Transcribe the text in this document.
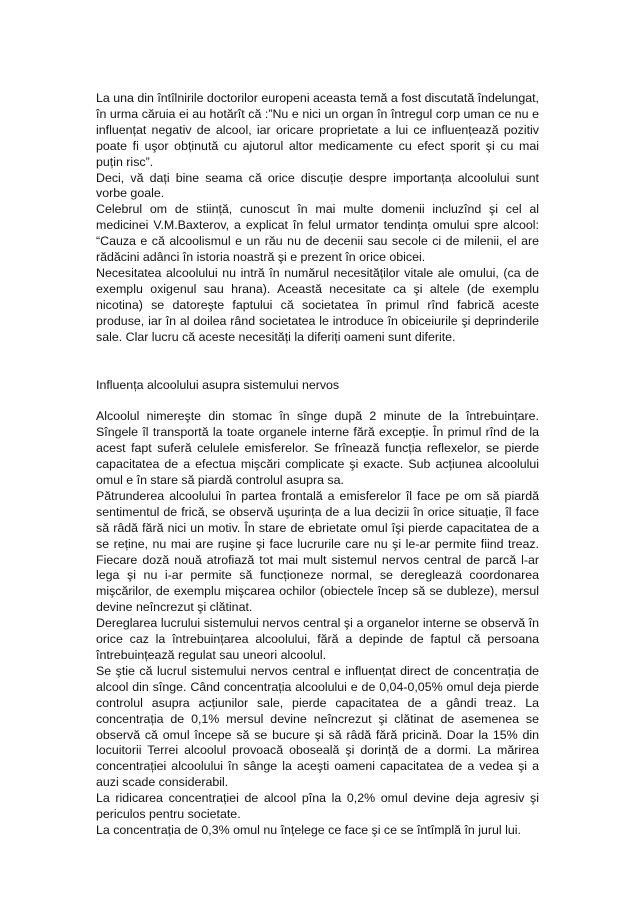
La una din întîlnirile doctorilor europeni aceasta temă a fost discutată îndelungat, în urma căruia ei au hotărît că :”Nu e nici un organ în întregul corp uman ce nu e influențat negativ de alcool, iar oricare proprietate a lui ce influențează pozitiv poate fi uşor obținută cu ajutorul altor medicamente cu efect sporit şi cu mai puțin risc”.

Deci, vă dați bine seama că orice discuție despre importanța alcoolului sunt vorbe goale.

Celebrul om de stiință, cunoscut în mai multe domenii incluzînd şi cel al medicinei V.M.Baxterov, a explicat în felul urmator tendința omului spre alcool: “Cauza e că alcoolismul e un rău nu de decenii sau secole ci de milenii, el are rădăcini adânci în istoria noastră şi e prezent în orice obicei.

Necesitatea alcoolului nu intră în numărul necesităților vitale ale omului, (ca de exemplu oxigenul sau hrana). Această necesitate ca şi altele (de exemplu nicotina) se datoreşte faptului că societatea în primul rînd fabrică aceste produse, iar în al doilea rând societatea le introduce în obiceiurile şi deprinderile sale. Clar lucru că aceste necesități la diferiți oameni sunt diferite.

Influența alcoolului asupra sistemului nervos

Alcoolul nimereşte din stomac în sînge după 2 minute de la întrebuințare. Sîngele îl transportă la toate organele interne fără excepție. În primul rînd de la acest fapt suferă celulele emisferelor. Se frînează funcția reflexelor, se pierde capacitatea de a efectua mişcări complicate şi exacte. Sub acțiunea alcoolului omul e în stare să piardă controlul asupra sa.

Pătrunderea alcoolului în partea frontală a emisferelor îl face pe om să piardă sentimentul de frică, se observă uşurința de a lua decizii în orice situație, îl face să râdă fără nici un motiv. În stare de ebrietate omul îşi pierde capacitatea de a se reține, nu mai are ruşine şi face lucrurile care nu şi le-ar permite fiind treaz. Fiecare doză nouă atrofiază tot mai mult sistemul nervos central de parcă l-ar lega şi nu i-ar permite să funcționeze normal, se deregleazä coordonarea mişcărilor, de exemplu mişcarea ochilor (obiectele încep să se dubleze), mersul devine neîncrezut şi clătinat.

Dereglarea lucrului sistemului nervos central şi a organelor interne se observă în orice caz la întrebuințarea alcoolului, fără a depinde de faptul că persoana întrebuințează regulat sau uneori alcoolul.

Se ştie că lucrul sistemului nervos central e influențat direct de concentrația de alcool din sînge. Când concentrația alcoolului e de 0,04-0,05% omul deja pierde controlul asupra acțiunilor sale, pierde capacitatea de a gândi treaz. La concentrația de 0,1% mersul devine neîncrezut şi clătinat de asemenea se observă că omul începe să se bucure şi să râdă fără pricină. Doar la 15% din locuitorii Terrei alcoolul provoacă oboseală şi dorință de a dormi. La mărirea concentrației alcoolului în sânge la aceşti oameni capacitatea de a vedea şi a auzi scade considerabil.

La ridicarea concentrației de alcool pîna la 0,2% omul devine deja agresiv şi periculos pentru societate.

La concentrația de 0,3% omul nu înțelege ce face şi ce se întîmplă în jurul lui.
